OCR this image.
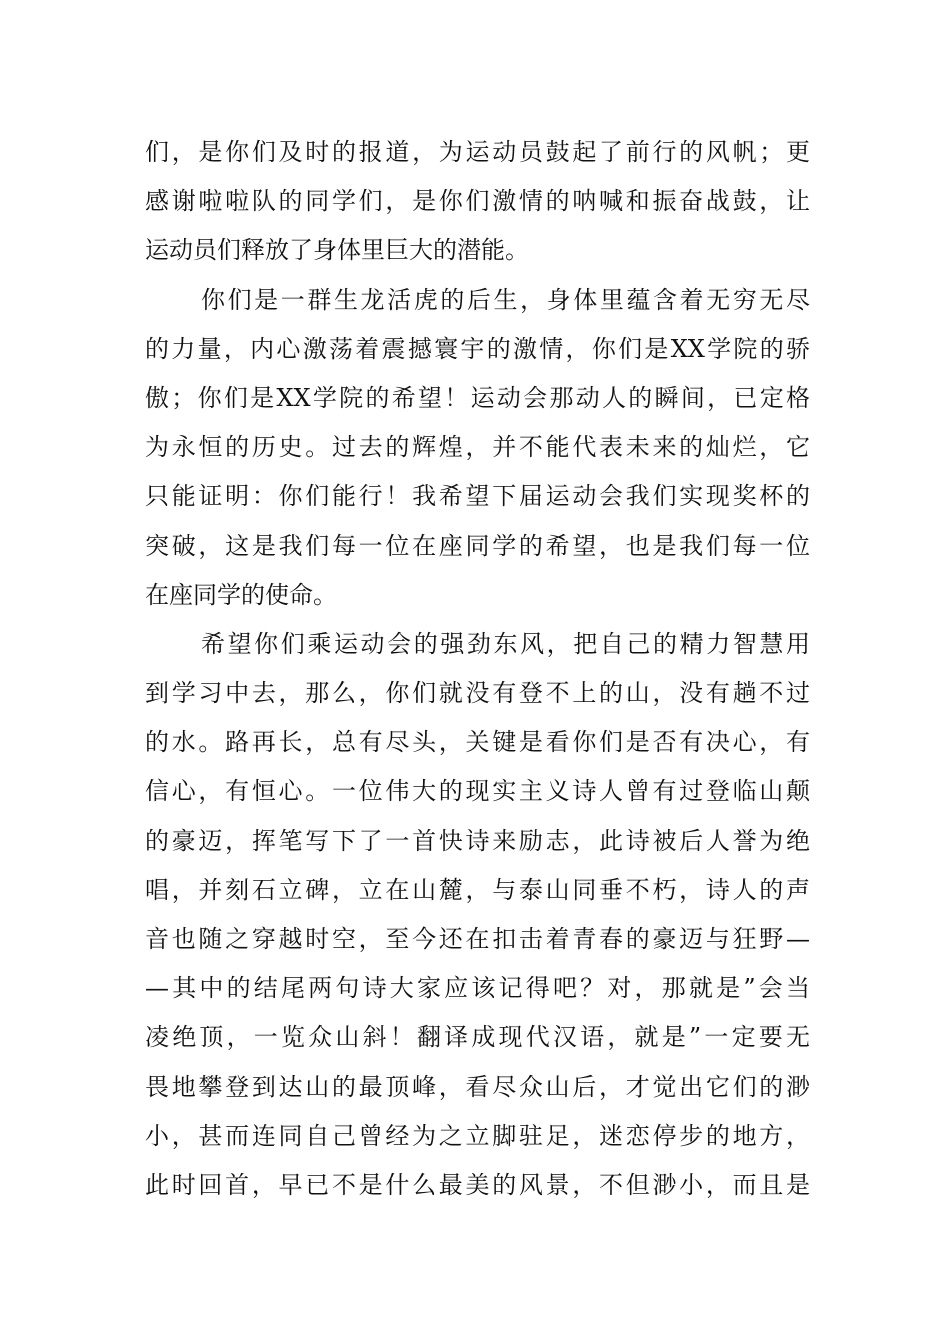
们，是你们及时的报道，为运动员鼓起了前行的风帆；更
感谢啦啦队的同学们，是你们激情的呐喊和振奋战鼓，让
运动员们释放了身体里巨大的潜能。
你们是一群生龙活虎的后生，身体里蕴含着无穷无尽
的力量，内心激荡着震撼寰宇的激情，你们是XX学院的骄
傲；你们是XX学院的希望！运动会那动人的瞬间，已定格
为永恒的历史。过去的辉煌，并不能代表未来的灿烂，它
只能证明：你们能行！我希望下届运动会我们实现奖杯的
突破，这是我们每一位在座同学的希望，也是我们每一位
在座同学的使命。
希望你们乘运动会的强劲东风，把自己的精力智慧用
到学习中去，那么，你们就没有登不上的山，没有趟不过
的水。路再长，总有尽头，关键是看你们是否有决心，有
信心，有恒心。一位伟大的现实主义诗人曾有过登临山颠
的豪迈，挥笔写下了一首快诗来励志，此诗被后人誉为绝
唱，并刻石立碑，立在山麓，与泰山同垂不朽，诗人的声
音也随之穿越时空，至今还在扣击着青春的豪迈与狂野—
—其中的结尾两句诗大家应该记得吧？对，那就是”会当
凌绝顶，一览众山斜！翻译成现代汉语，就是”一定要无
畏地攀登到达山的最顶峰，看尽众山后，才觉出它们的渺
小，甚而连同自己曾经为之立脚驻足，迷恋停步的地方，
此时回首，早已不是什么最美的风景，不但渺小，而且是
